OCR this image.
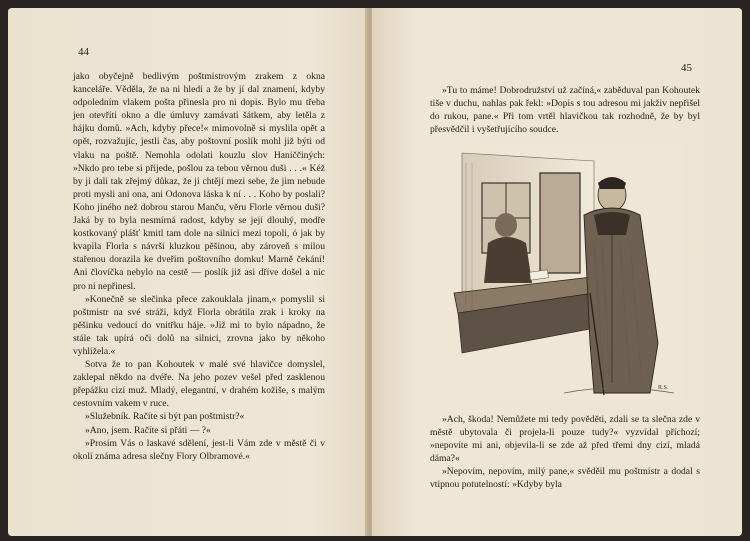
44

jako obyčejně bedlivým poštmistrovým zrakem z okna kanceláře. Věděla, že na ni hledí a že by jí dal znamení, kdyby odpoledním vlakem pošta přinesla pro ni dopis. Bylo mu třeba jen otevříti okno a dle úmluvy zamávati šátkem, aby letěla z hájku domů. »Ach, kdyby přece!« mimovolně si myslila opět a opět, rozvažujíc, jestli čas, aby poštovní poslík mohl již býti od vlaku na poště. Nemohla odolati kouzlu slov Haniččiných: »Nkdo pro tebe si přijede, pošlou za tebou věrnou duši . . .« Kéž by ji dali tak zřejmý důkaz, že ji chtějí mezi sebe, že jim nebude proti mysli ani ona, ani Odonova láska k ní . . . Koho by poslali? Koho jiného než dobrou starou Manču, věru Florle věrnou duši? Jaká by to byla nesmírná radost, kdyby se její dlouhý, modře kostkovaný plášť kmitl tam dole na silnici mezi topoli, ó jak by kvapila Florla s návrší kluzkou pěšinou, aby zároveň s milou stařenou dorazila ke dveřím poštovního domku! Marně čekání! Ani človíčka nebylo na cestě — poslík již asi dříve došel a nic pro ni nepřinesl.

»Konečně se slečinka přece zakouklala jinam,« pomyslil si poštmistr na své stráži, když Florla obrátila zrak i kroky na pěšinku vedoucí do vnitřku háje. »Již mi to bylo nápadno, že stále tak upírá oči dolů na silnici, zrovna jako by někoho vyhlížela.«

Sotva že to pan Kohoutek v malé své hlavičce domyslel, zaklepal někdo na dvéře. Na jeho pozev vešel před zasklenou přepážku cizí muž. Mladý, elegantní, v drahém kožiše, s malým cestovním vakem v ruce.

»Služebník. Račíte si být pan poštmistr?«

»Ano, jsem. Račíte si přáti — ?«

»Prosím Vás o laskavé sdělení, jest-li Vám zde v městě či v okolí známa adresa slečny Flory Olbramové.«

45

»Tu to máme! Dobrodružství už začíná,« zaběduval pan Kohoutek tiše v duchu, nahlas pak řekl: »Dopis s tou adresou mi jakživ nepřišel do rukou, pane.« Při tom vrtěl hlavičkou tak rozhodně, že by byl přesvědčil i vyšetřujícího soudce.

R.S.

»Ach, škoda! Nemůžete mi tedy pověděti, zdali se ta slečna zde v městě ubytovala či projela-li pouze tudy?« vyzvídal příchozí; »nepovíte mi ani, objevila-li se zde až před třemi dny cizí, mladá dáma?«

»Nepovím, nepovím, milý pane,« svěděil mu poštmistr a dodal s vtipnou potutelností: »Kdyby byla
